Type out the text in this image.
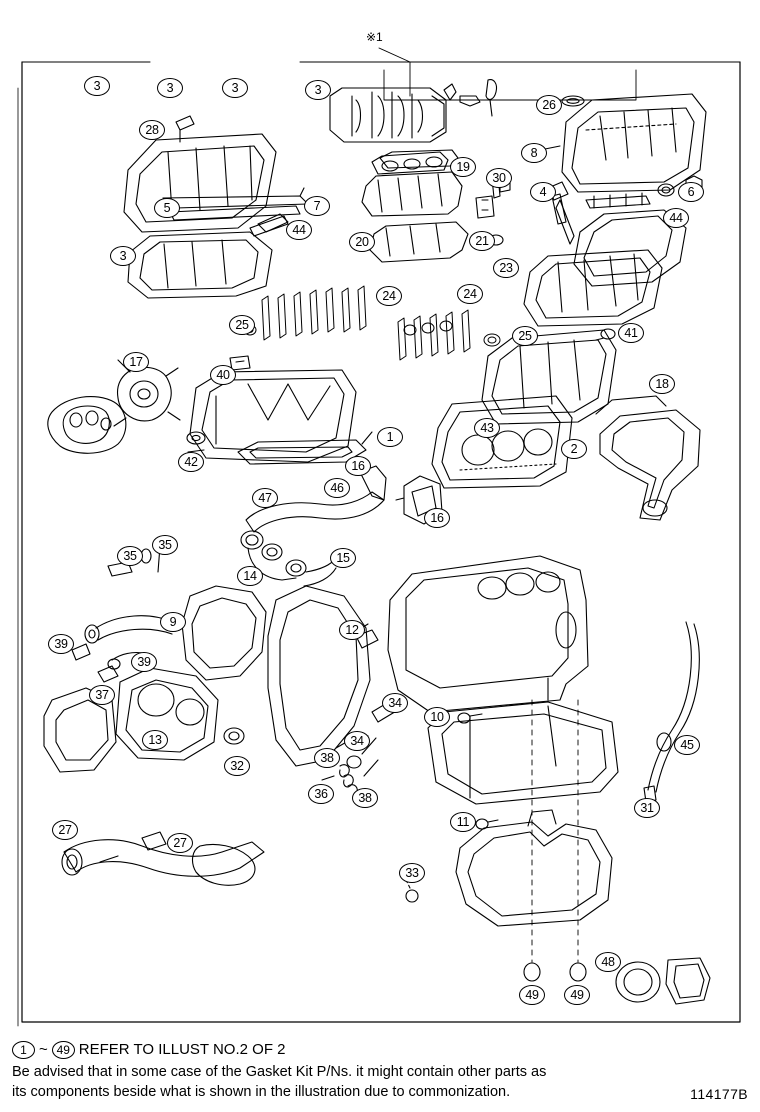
※1
3	3	3	3
26
28
8
19
30
4	6
5	7
44
44
20	21
3
23
24	24
25
25	41
17
40
18
1
43
42
2
16
46
47
16
15
14
35
35
9
12
39
39
37
13
34
34
10
32
38
36	38
45
31
11
27
27
33
48
49	49
1 ~ 49 REFER TO ILLUST NO.2 OF 2
Be advised that in some case of the Gasket Kit P/Ns. it might contain other parts as
its components beside what is shown in the illustration due to commonization.	114177B
